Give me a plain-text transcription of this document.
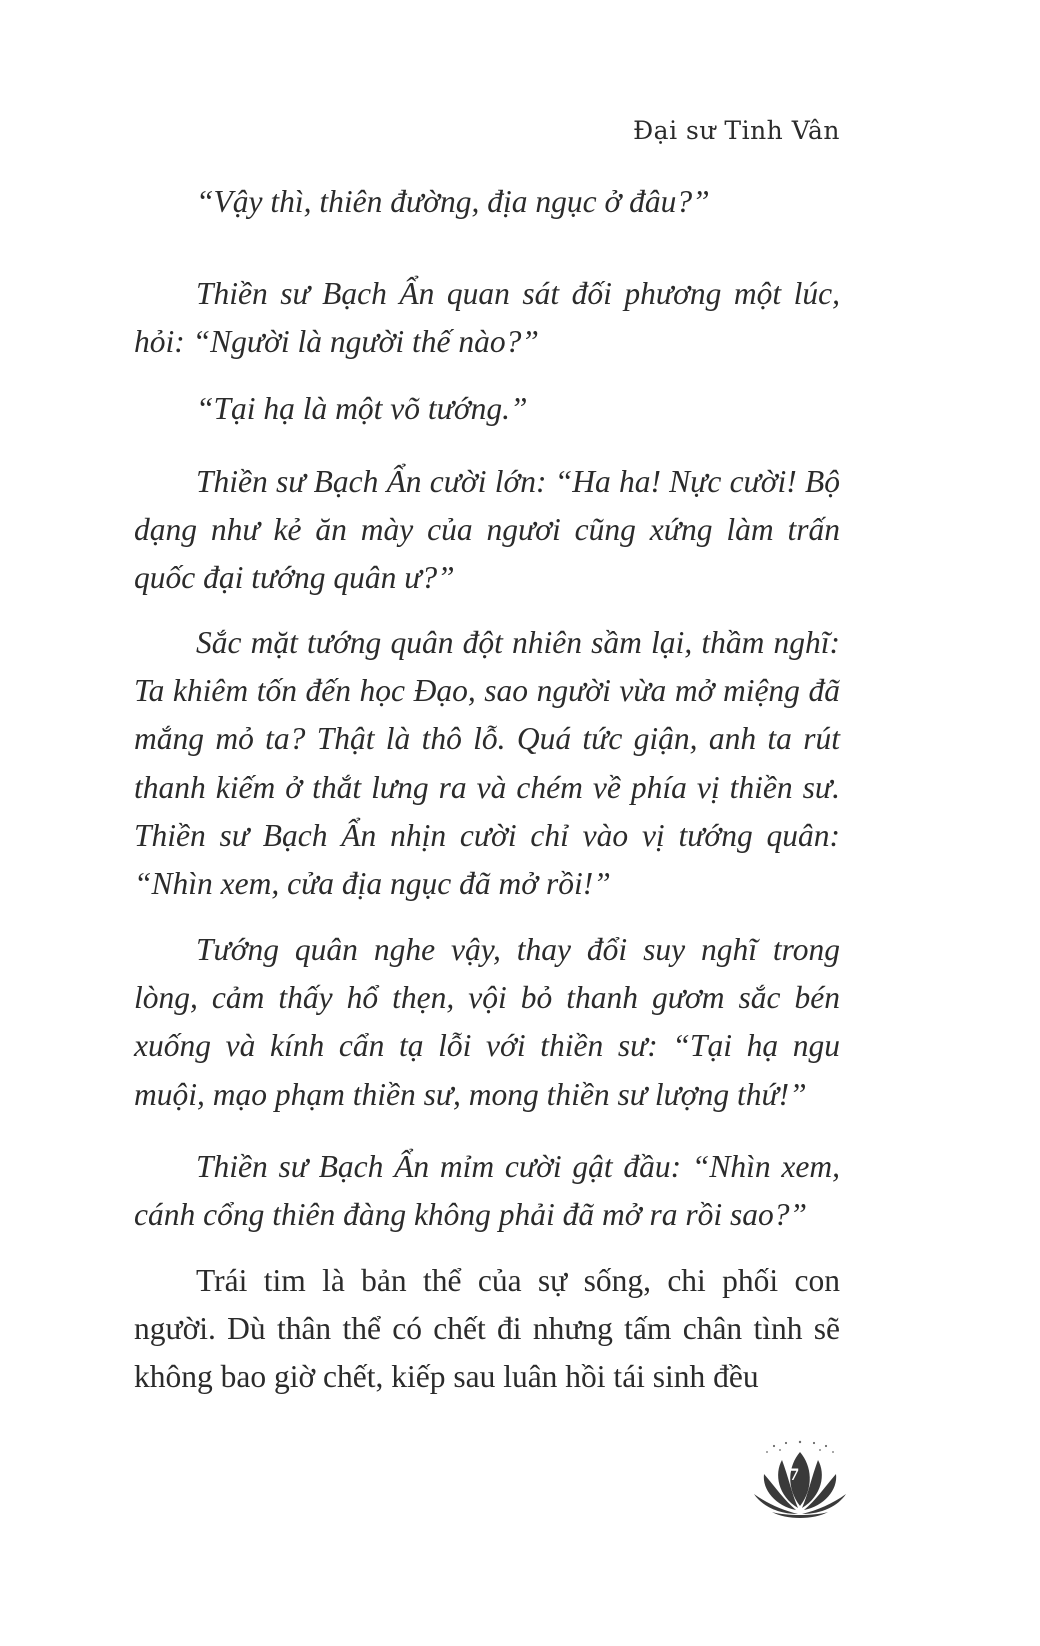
Đại sư Tinh Vân
“Vậy thì, thiên đường, địa ngục ở đâu?”
Thiền sư Bạch Ẩn quan sát đối phương một lúc, hỏi: “Người là người thế nào?”
“Tại hạ là một võ tướng.”
Thiền sư Bạch Ẩn cười lớn: “Ha ha! Nực cười! Bộ dạng như kẻ ăn mày của ngươi cũng xứng làm trấn quốc đại tướng quân ư?”
Sắc mặt tướng quân đột nhiên sầm lại, thầm nghĩ: Ta khiêm tốn đến học Đạo, sao người vừa mở miệng đã mắng mỏ ta? Thật là thô lỗ. Quá tức giận, anh ta rút thanh kiếm ở thắt lưng ra và chém về phía vị thiền sư. Thiền sư Bạch Ẩn nhịn cười chỉ vào vị tướng quân: “Nhìn xem, cửa địa ngục đã mở rồi!”
Tướng quân nghe vậy, thay đổi suy nghĩ trong lòng, cảm thấy hổ thẹn, vội bỏ thanh gươm sắc bén xuống và kính cẩn tạ lỗi với thiền sư: “Tại hạ ngu muội, mạo phạm thiền sư, mong thiền sư lượng thứ!”
Thiền sư Bạch Ẩn mỉm cười gật đầu: “Nhìn xem, cánh cổng thiên đàng không phải đã mở ra rồi sao?”
Trái tim là bản thể của sự sống, chi phối con người. Dù thân thể có chết đi nhưng tấm chân tình sẽ không bao giờ chết, kiếp sau luân hồi tái sinh đều
7
